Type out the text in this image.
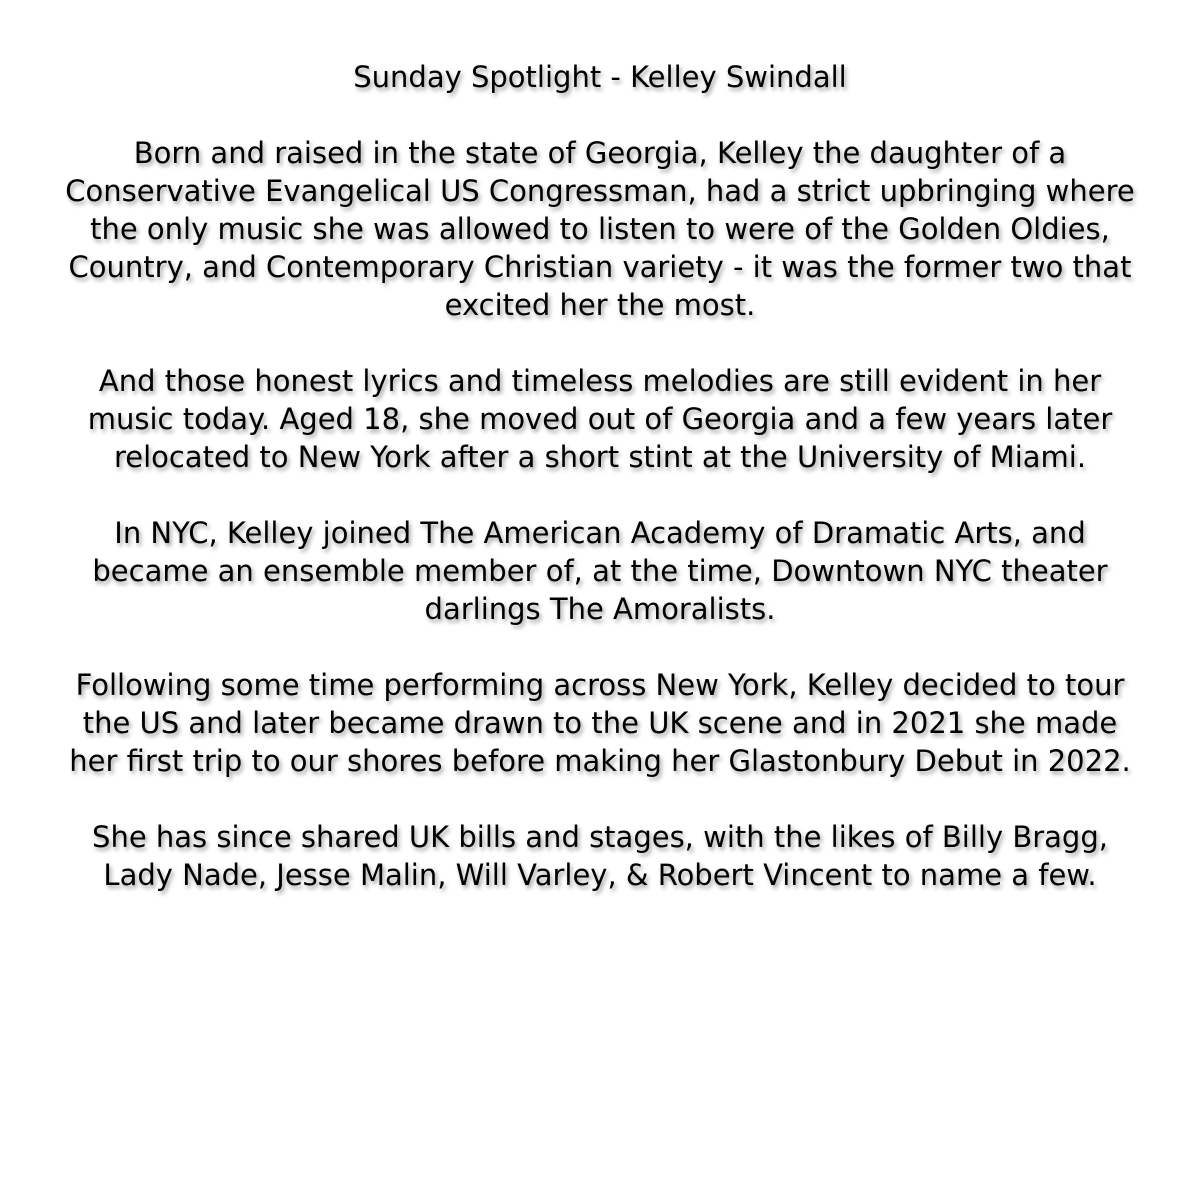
Sunday Spotlight - Kelley Swindall

Born and raised in the state of Georgia, Kelley the daughter of a Conservative Evangelical US Congressman, had a strict upbringing where the only music she was allowed to listen to were of the Golden Oldies, Country, and Contemporary Christian variety - it was the former two that excited her the most.

And those honest lyrics and timeless melodies are still evident in her music today. Aged 18, she moved out of Georgia and a few years later relocated to New York after a short stint at the University of Miami.

In NYC, Kelley joined The American Academy of Dramatic Arts, and became an ensemble member of, at the time, Downtown NYC theater darlings The Amoralists.

Following some time performing across New York, Kelley decided to tour the US and later became drawn to the UK scene and in 2021 she made her first trip to our shores before making her Glastonbury Debut in 2022.

She has since shared UK bills and stages, with the likes of Billy Bragg, Lady Nade, Jesse Malin, Will Varley, & Robert Vincent to name a few.
